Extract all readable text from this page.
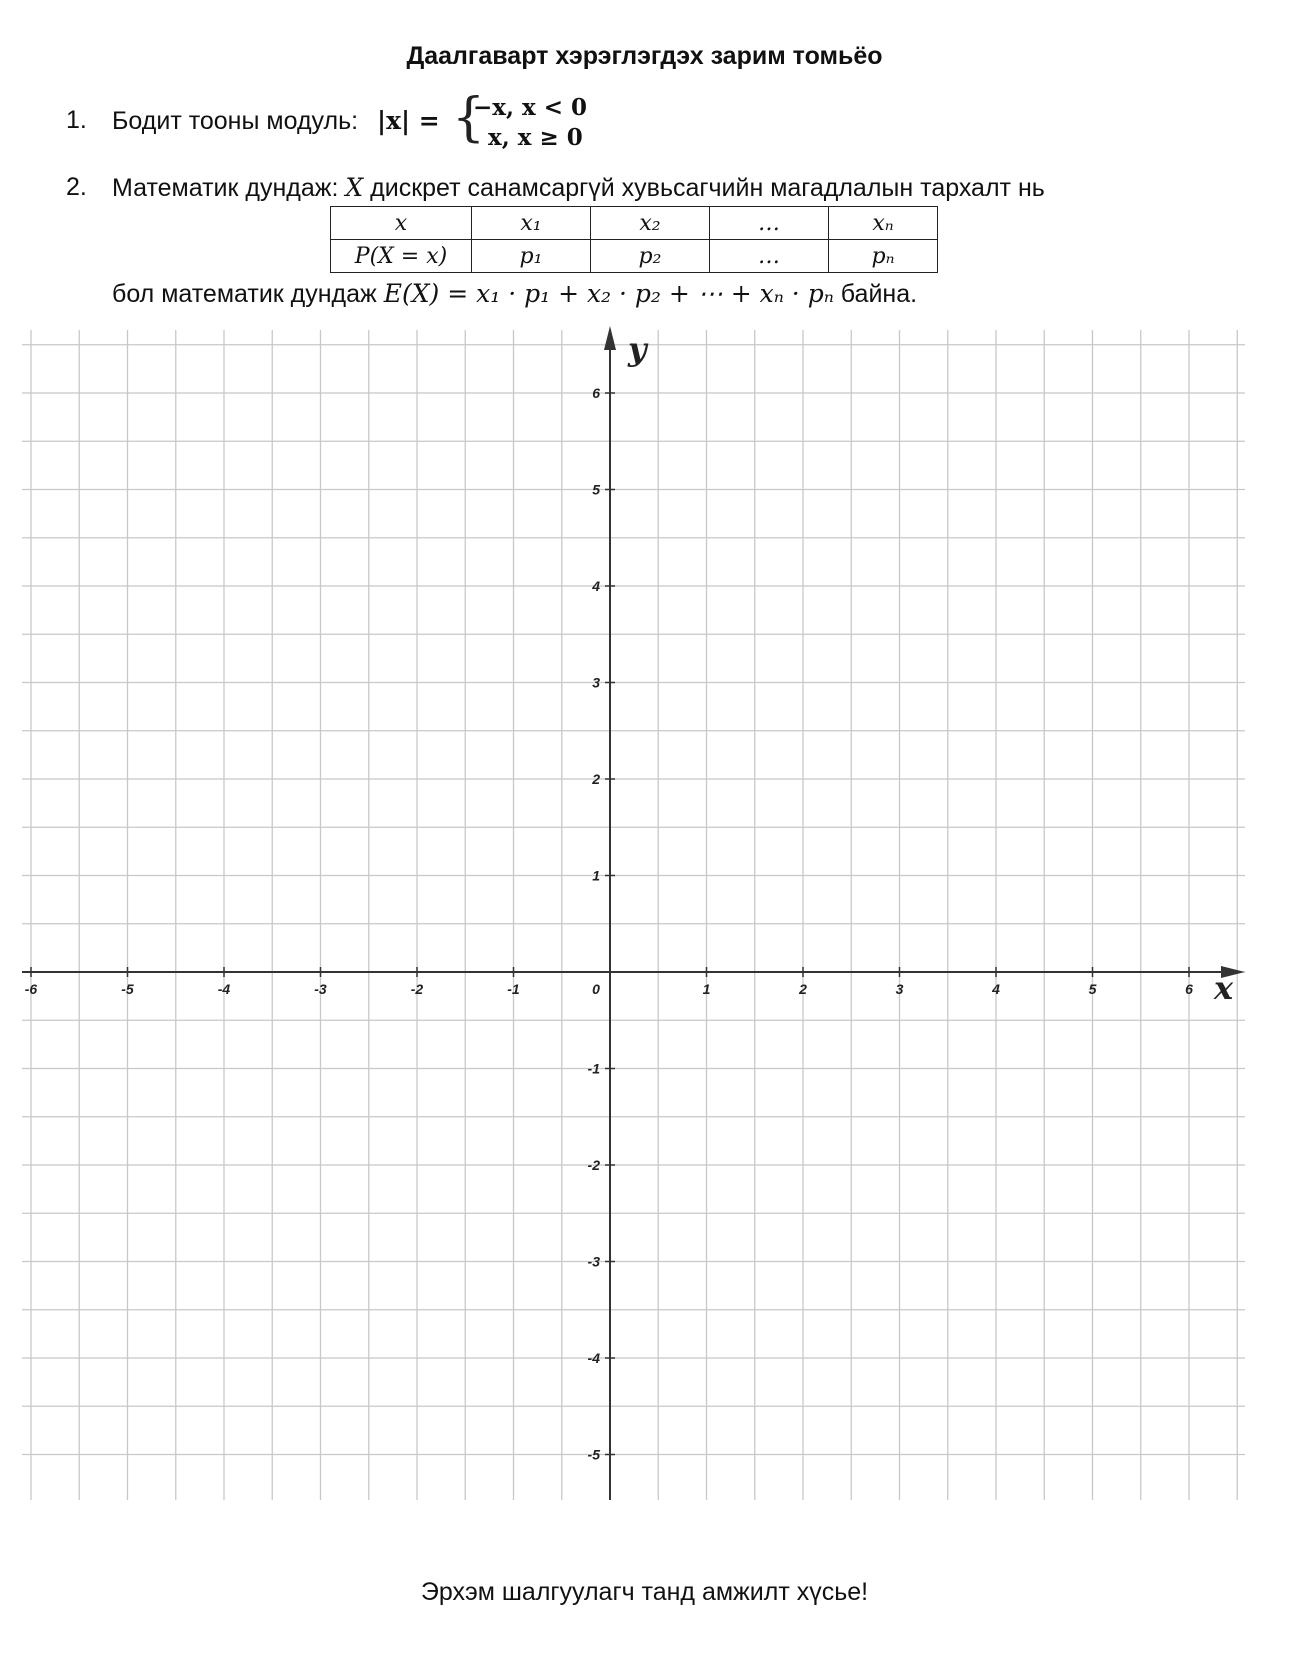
Даалгаварт хэрэглэгдэх зарим томьёо
1. Бодит тооны модуль: |x| = {
−x, x < 0
x, x ≥ 0
2. Математик дундаж: X дискрет санамсаргүй хувьсагчийн магадлалын тархалт нь
x	x₁	x₂	…	xₙ
P(X = x)	p₁	p₂	…	pₙ
бол математик дундаж E(X) = x₁ · p₁ + x₂ · p₂ + ⋯ + xₙ · pₙ байна.
-6	-5	-4	-3	-2	-1	0	1	2	3	4	5	6
6
5
4
3
2
1
-1
-2
-3
-4
-5
x
y
Эрхэм шалгуулагч танд амжилт хүсье!
